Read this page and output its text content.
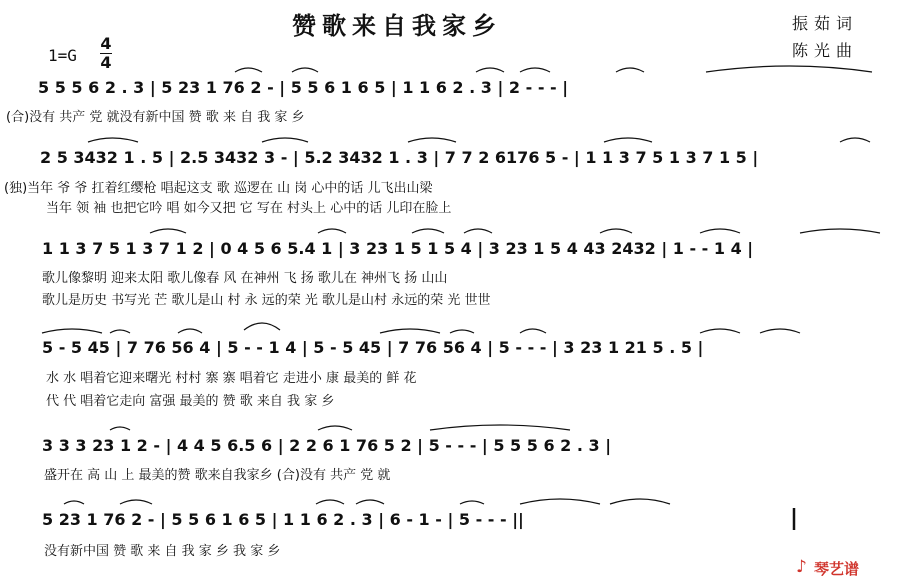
赞歌来自我家乡	振茹词
陈光曲
1=G
4
4
5 5 5 6 2 . 3 | 5 23 1 76 2 - | 5 5 6 1 6 5 | 1 1 6 2 . 3 | 2 - - - |
(合)没有 共产 党 就没有新中国 赞 歌 来 自 我 家 乡
2 5 3432 1 . 5 | 2.5 3432 3 - | 5.2 3432 1 . 3 | 7 7 2 6176 5 - | 1 1 3 7 5 1 3 7 1 5 |
(独)当年 爷 爷 扛着红缨枪 唱起这支 歌 巡逻在 山 岗 心中的话 儿飞出山梁
当年 领 袖 也把它吟 唱 如今又把 它 写在 村头上 心中的话 儿印在脸上
1 1 3 7 5 1 3 7 1 2 | 0 4 5 6 5.4 1 | 3 23 1 5 1 5 4 | 3 23 1 5 4 43 2432 | 1 - - 1 4 |
歌儿像黎明 迎来太阳 歌儿像春 风 在神州 飞 扬 歌儿在 神州飞 扬 山山
歌儿是历史 书写光 芒 歌儿是山 村 永 远的荣 光 歌儿是山村 永远的荣 光 世世
5 - 5 45 | 7 76 56 4 | 5 - - 1 4 | 5 - 5 45 | 7 76 56 4 | 5 - - - | 3 23 1 21 5 . 5 |
水 水 唱着它迎来曙光 村村 寨 寨 唱着它 走进小 康 最美的 鲜 花
代 代 唱着它走向 富强 最美的 赞 歌 来自 我 家 乡
3 3 3 23 1 2 - | 4 4 5 6.5 6 | 2 2 6 1 76 5 2 | 5 - - - | 5 5 5 6 2 . 3 |
盛开在 高 山 上 最美的赞 歌来自我家乡 (合)没有 共产 党 就
5 23 1 76 2 - | 5 5 6 1 6 5 | 1 1 6 2 . 3 | 6 - 1 - | 5 - - - ||
没有新中国 赞 歌 来 自 我 家 乡 我 家 乡
♪ 琴艺谱
